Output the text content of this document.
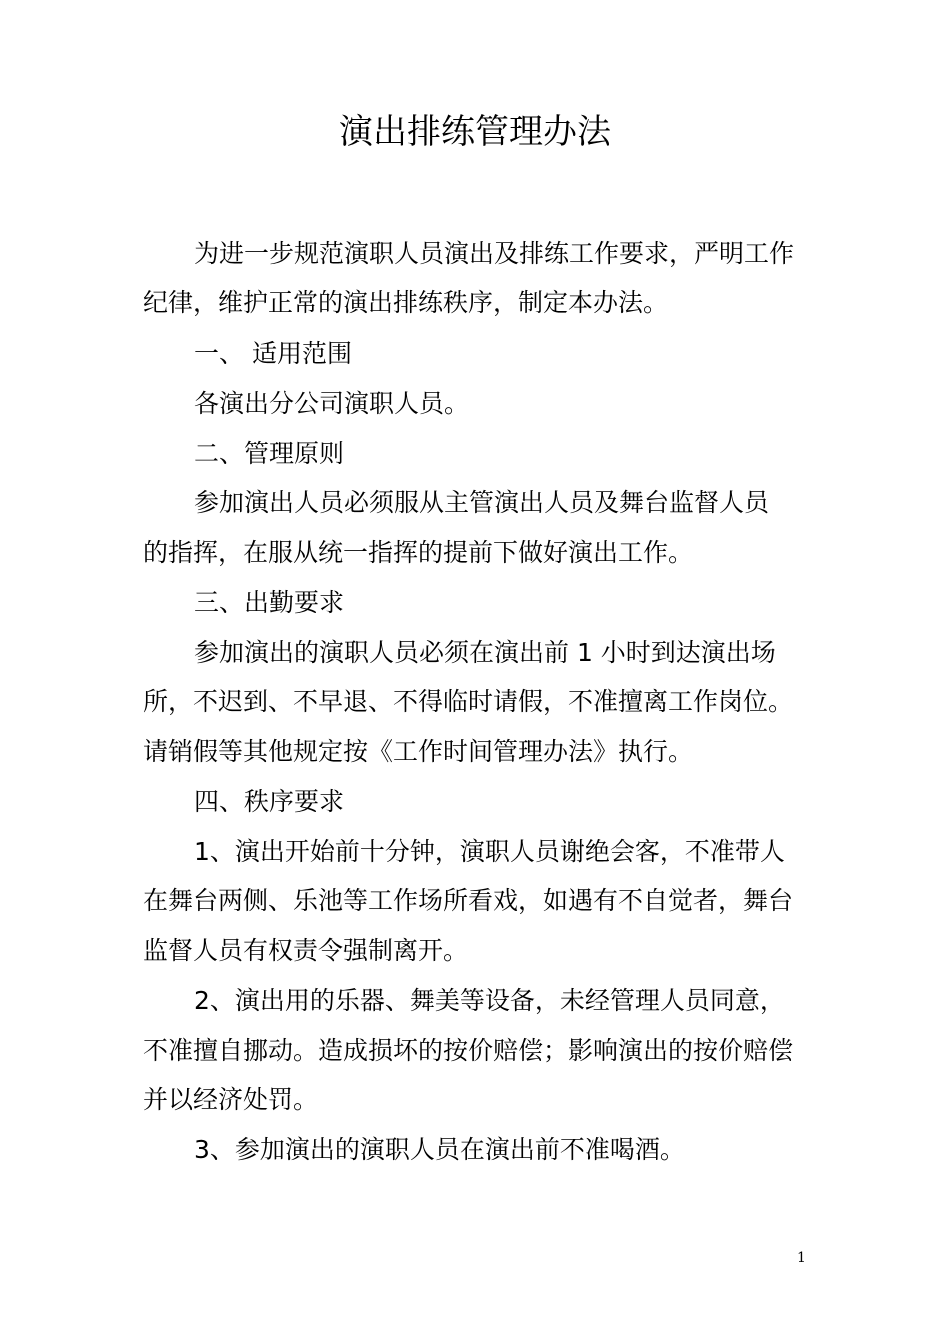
演出排练管理办法

为进一步规范演职人员演出及排练工作要求，严明工作

纪律，维护正常的演出排练秩序，制定本办法。

一、 适用范围

各演出分公司演职人员。

二、管理原则

参加演出人员必须服从主管演出人员及舞台监督人员

的指挥，在服从统一指挥的提前下做好演出工作。

三、出勤要求

参加演出的演职人员必须在演出前 1 小时到达演出场

所，不迟到、不早退、不得临时请假，不准擅离工作岗位。

请销假等其他规定按《工作时间管理办法》执行。

四、秩序要求

1、演出开始前十分钟，演职人员谢绝会客，不准带人

在舞台两侧、乐池等工作场所看戏，如遇有不自觉者，舞台

监督人员有权责令强制离开。

2、演出用的乐器、舞美等设备，未经管理人员同意，

不准擅自挪动。造成损坏的按价赔偿；影响演出的按价赔偿

并以经济处罚。

3、参加演出的演职人员在演出前不准喝酒。

1
